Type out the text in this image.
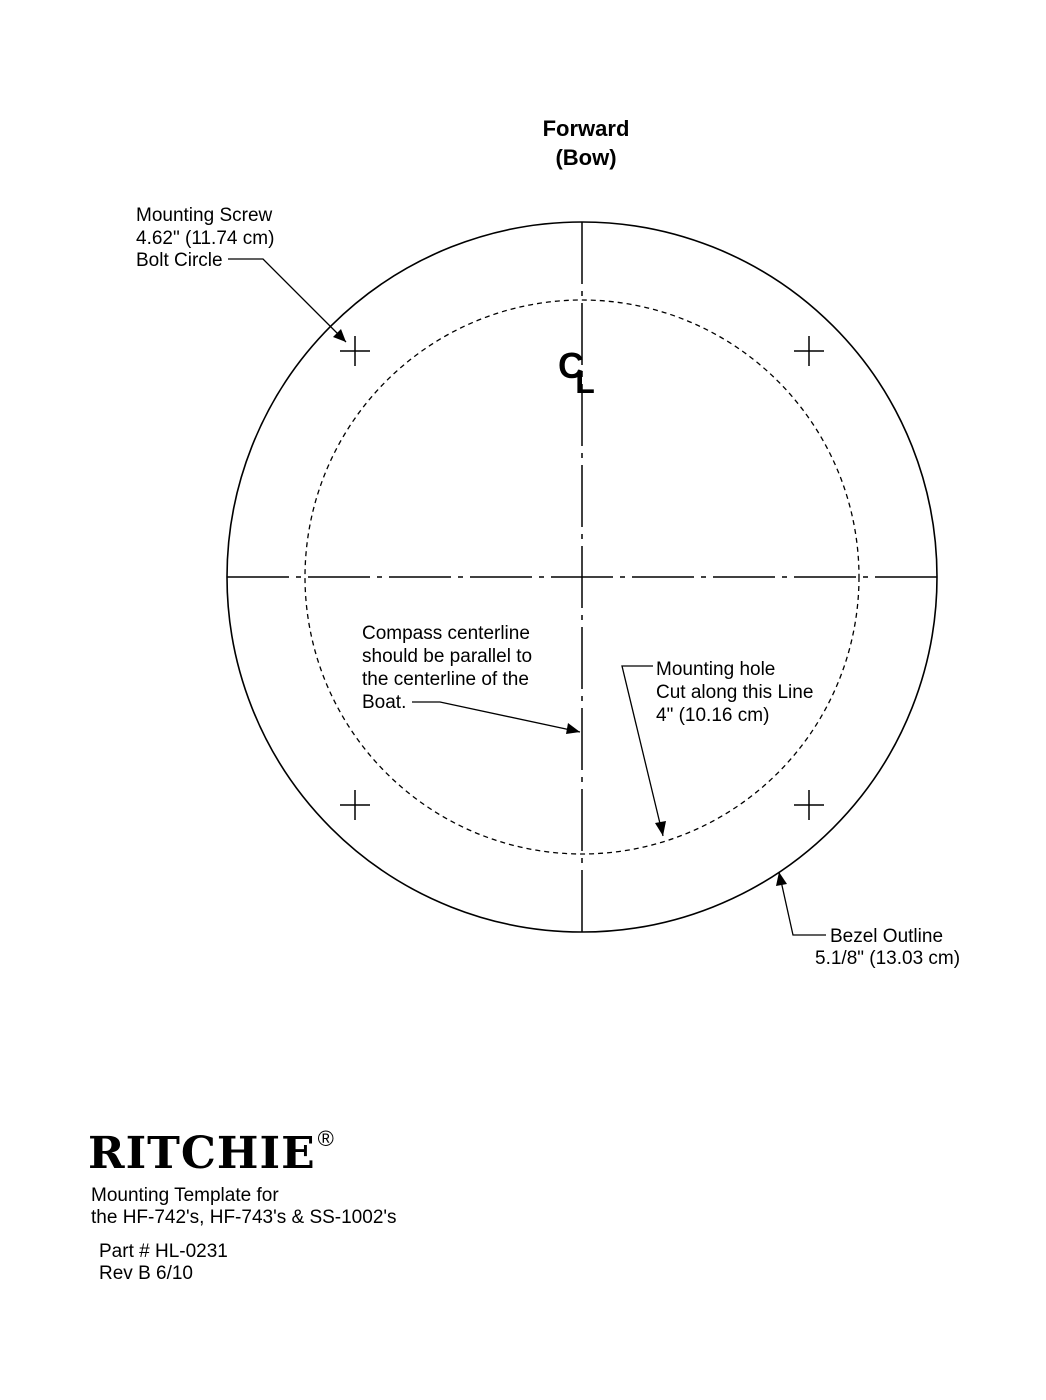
Forward
(Bow)
C
L
Mounting Screw
4.62" (11.74 cm)
Bolt Circle
Compass centerline
should be parallel to
the centerline of the
Boat.
Mounting hole
Cut along this Line
4" (10.16 cm)
Bezel Outline
5.1/8" (13.03 cm)
RITCHIE®
Mounting Template for
the HF-742's, HF-743's & SS-1002's
Part # HL-0231
Rev B 6/10
